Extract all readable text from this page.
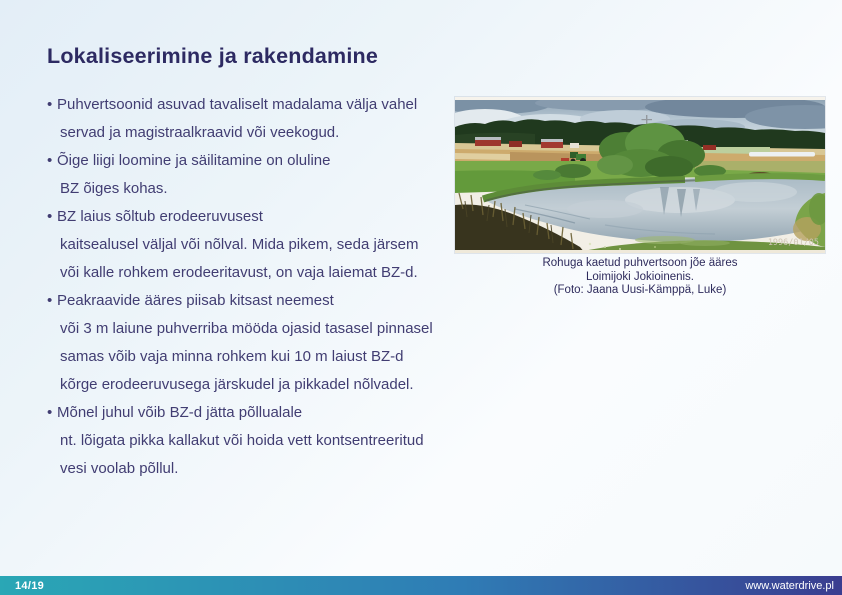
Lokaliseerimine ja rakendamine
• Puhvertsoonid asuvad tavaliselt madalama välja vahel
servad ja magistraalkraavid või veekogud.
• Õige liigi loomine ja säilitamine on oluline
BZ õiges kohas.
• BZ laius sõltub erodeeruvusest
kaitsealusel väljal või nõlval. Mida pikem, seda järsem
või kalle rohkem erodeeritavust, on vaja laiemat BZ-d.
• Peakraavide ääres piisab kitsast neemest
või 3 m laiune puhverriba mööda ojasid tasasel pinnasel
samas võib vaja minna rohkem kui 10 m laiust BZ-d
kõrge erodeeruvusega järskudel ja pikkadel nõlvadel.
• Mõnel juhul võib BZ-d jätta põllualale
nt. lõigata pikka kallakut või hoida vett kontsentreeritud
vesi voolab põllul.
1996/01/05
Rohuga kaetud puhvertsoon jõe ääres
Loimijoki Jokioinenis.
(Foto: Jaana Uusi-Kämppä, Luke)
14/19	www.waterdrive.pl
